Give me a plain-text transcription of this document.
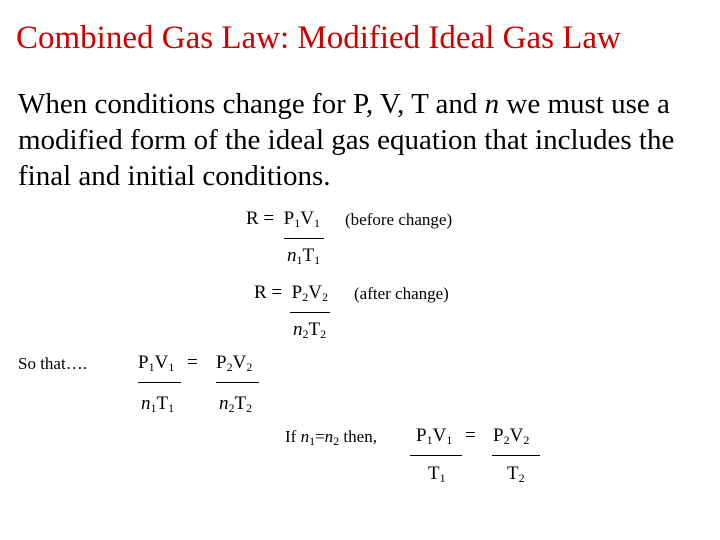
Combined Gas Law: Modified Ideal Gas Law
When conditions change for P, V, T and n we must use a modified form of the ideal gas equation that includes the final and initial conditions.
$R = P_1V_1$ (before change)
$n_1T_1$
$R = P_2V_2$ (after change)
$n_2T_2$
So that….	$P_1V_1 = P_2V_2$
$n_1T_1$ $n_2T_2$
If $n_1=n_2$ then, $P_1V_1 = P_2V_2$
$T_1$	$T_2$
